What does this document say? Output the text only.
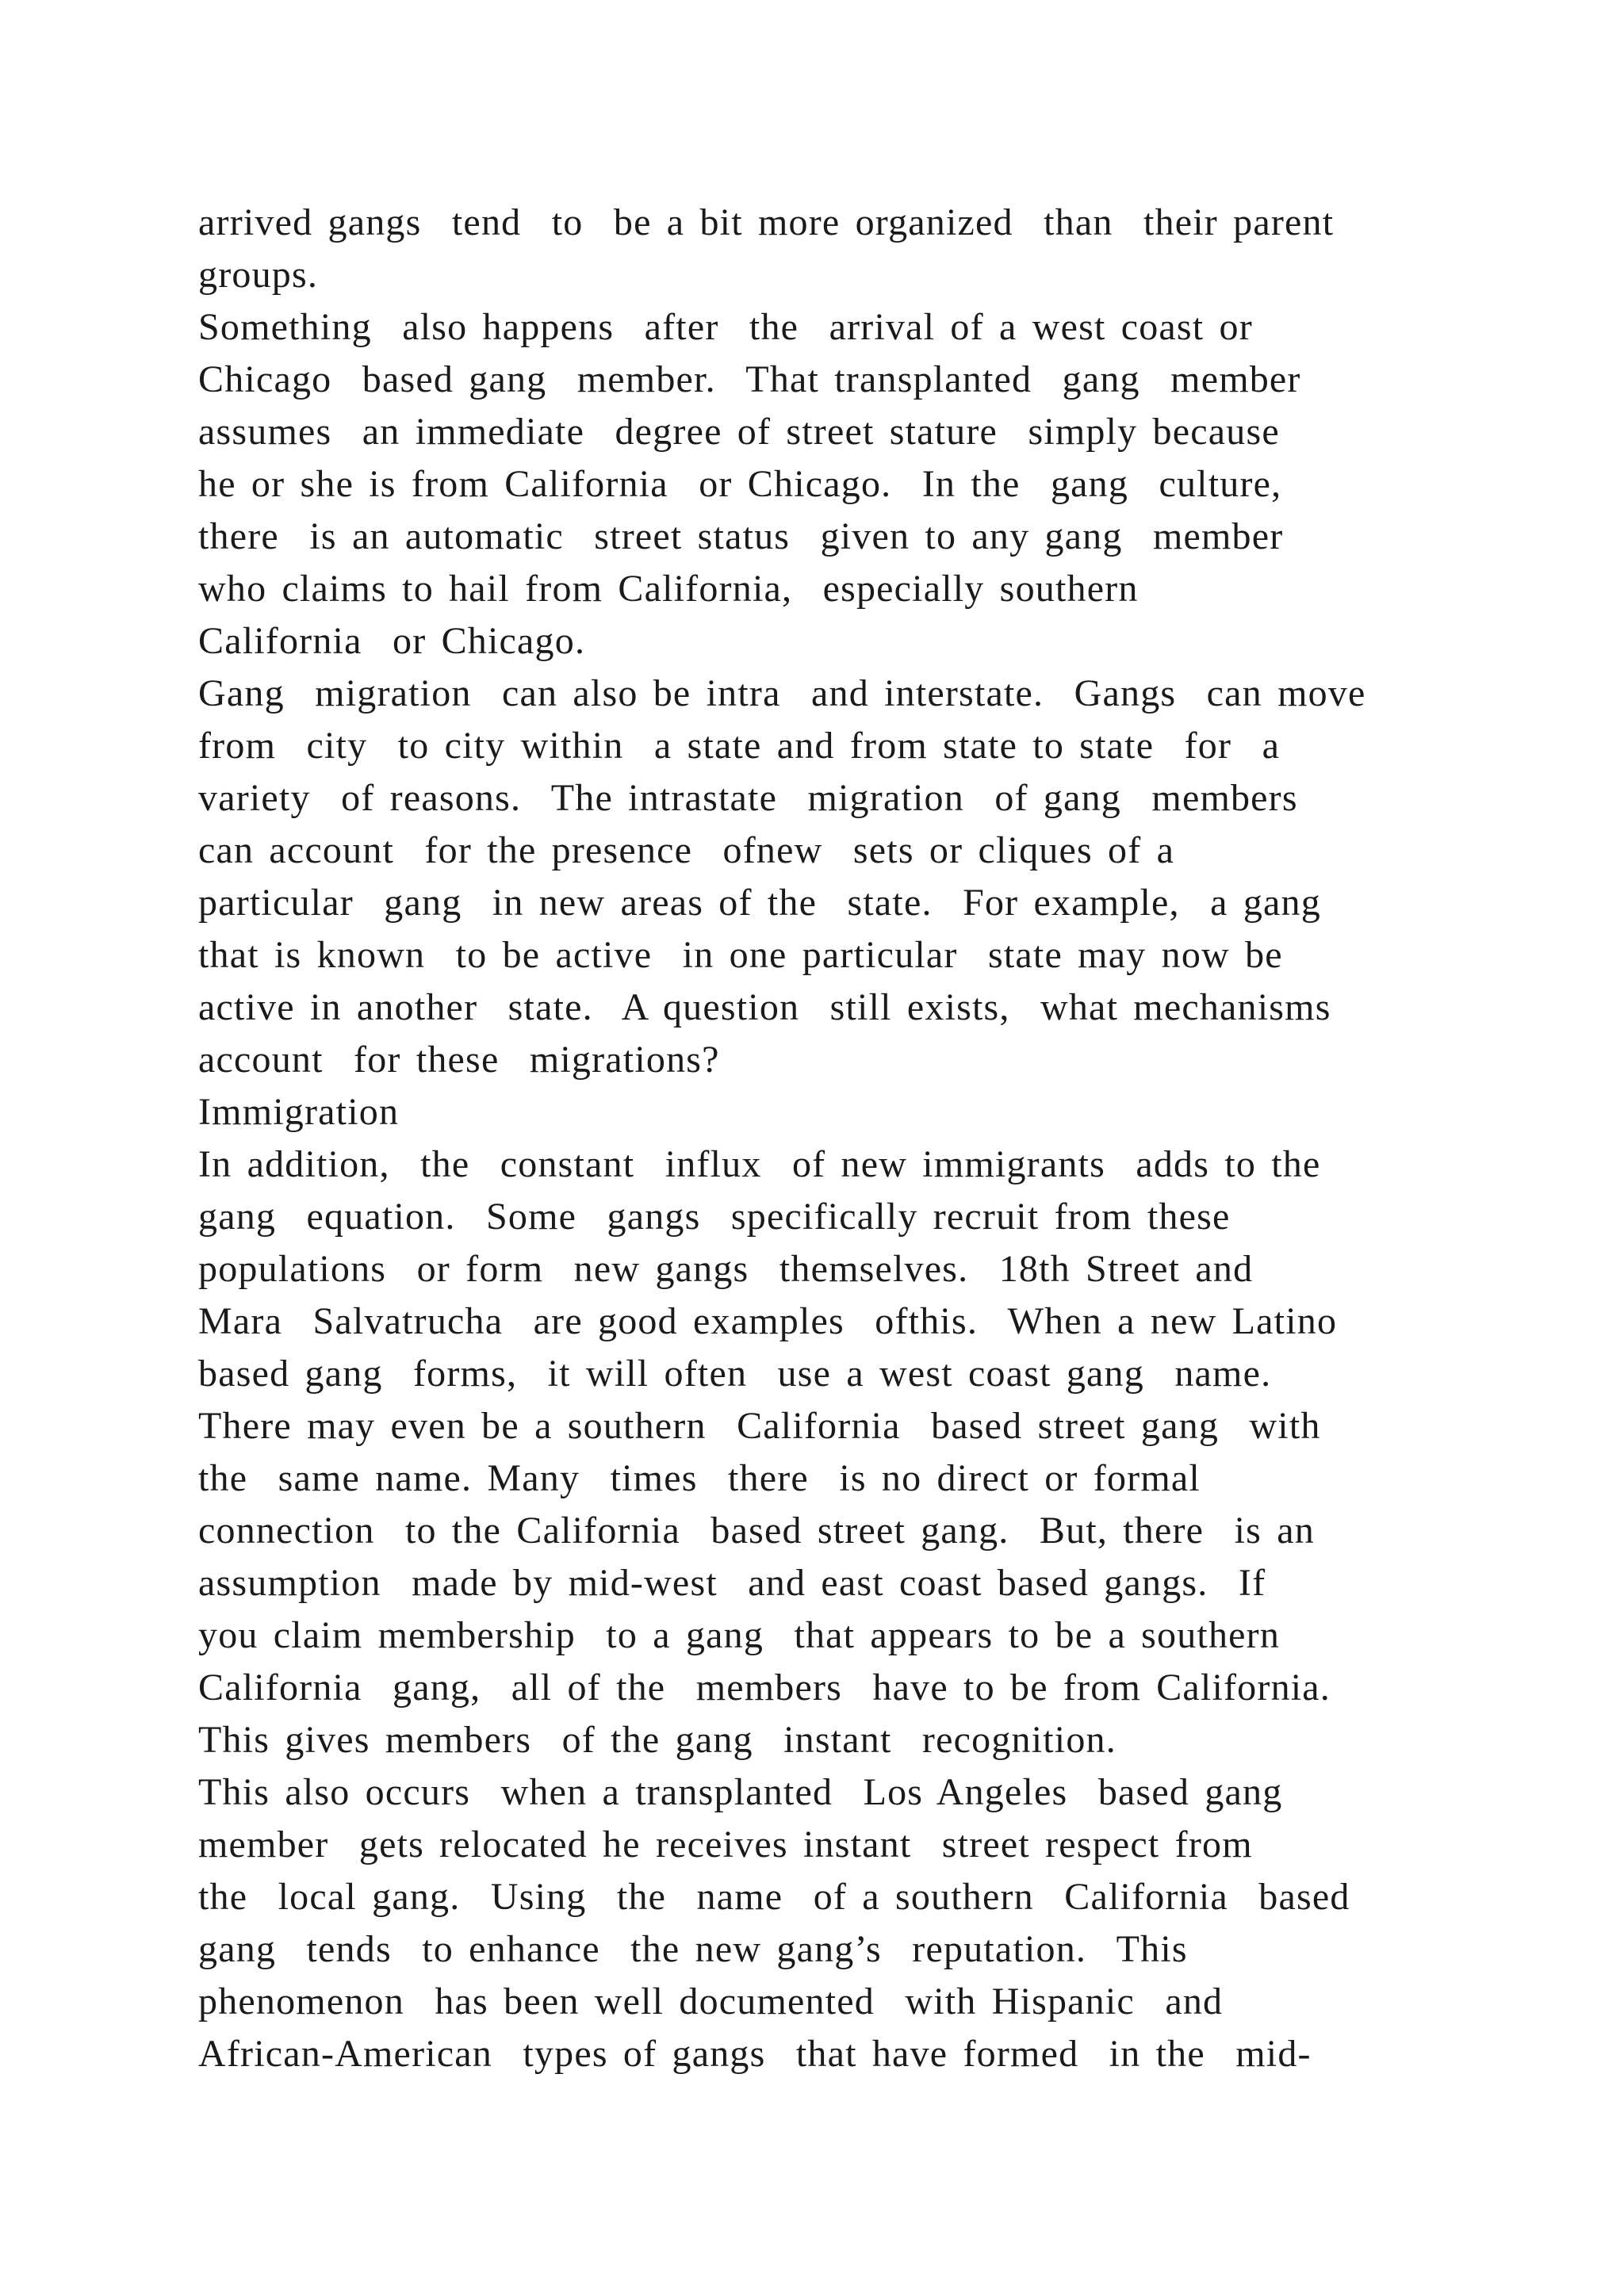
arrived gangs  tend  to  be a bit more organized  than  their parent
groups.
Something  also happens  after  the  arrival of a west coast or
Chicago  based gang  member.  That transplanted  gang  member
assumes  an immediate  degree of street stature  simply because
he or she is from California  or Chicago.  In the  gang  culture,
there  is an automatic  street status  given to any gang  member
who claims to hail from California,  especially southern
California  or Chicago.
Gang  migration  can also be intra  and interstate.  Gangs  can move
from  city  to city within  a state and from state to state  for  a
variety  of reasons.  The intrastate  migration  of gang  members
can account  for the presence  ofnew  sets or cliques of a
particular  gang  in new areas of the  state.  For example,  a gang
that is known  to be active  in one particular  state may now be
active in another  state.  A question  still exists,  what mechanisms
account  for these  migrations?
Immigration
In addition,  the  constant  influx  of new immigrants  adds to the
gang  equation.  Some  gangs  specifically recruit from these
populations  or form  new gangs  themselves.  18th Street and
Mara  Salvatrucha  are good examples  ofthis.  When a new Latino
based gang  forms,  it will often  use a west coast gang  name.
There may even be a southern  California  based street gang  with
the  same name. Many  times  there  is no direct or formal
connection  to the California  based street gang.  But, there  is an
assumption  made by mid-west  and east coast based gangs.  If
you claim membership  to a gang  that appears to be a southern
California  gang,  all of the  members  have to be from California.
This gives members  of the gang  instant  recognition.
This also occurs  when a transplanted  Los Angeles  based gang
member  gets relocated he receives instant  street respect from
the  local gang.  Using  the  name  of a southern  California  based
gang  tends  to enhance  the new gang’s  reputation.  This
phenomenon  has been well documented  with Hispanic  and
African-American  types of gangs  that have formed  in the  mid-
